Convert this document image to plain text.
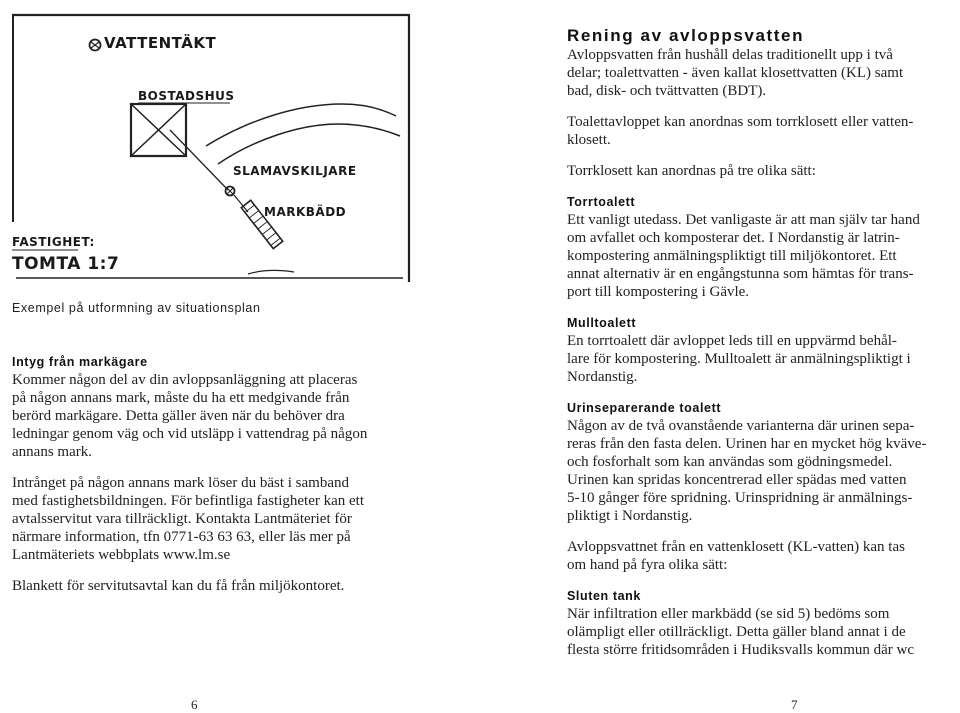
VATTENTÄKT
BOSTADSHUS
SLAMAVSKILJARE
MARKBÄDD
FASTIGHET:
TOMTA 1:7
Exempel på utformning av situationsplan
Intyg från markägare

Kommer någon del av din avloppsanläggning att placeras
på någon annans mark, måste du ha ett medgivande från
berörd markägare. Detta gäller även när du behöver dra
ledningar genom väg och vid utsläpp i vattendrag på någon
annans mark.

Intrånget på någon annans mark löser du bäst i samband
med fastighetsbildningen. För befintliga fastigheter kan ett
avtalsservitut vara tillräckligt. Kontakta Lantmäteriet för
närmare information, tfn 0771-63 63 63, eller läs mer på
Lantmäteriets webbplats www.lm.se

Blankett för servitutsavtal kan du få från miljökontoret.

6
Rening av avloppsvatten

Avloppsvatten från hushåll delas traditionellt upp i två
delar; toalettvatten - även kallat klosettvatten (KL) samt
bad, disk- och tvättvatten (BDT).

Toalettavloppet kan anordnas som torrklosett eller vatten-
klosett.

Torrklosett kan anordnas på tre olika sätt:

Torrtoalett

Ett vanligt utedass. Det vanligaste är att man själv tar hand
om avfallet och komposterar det. I Nordanstig är latrin-
kompostering anmälningspliktigt till miljökontoret. Ett
annat alternativ är en engångstunna som hämtas för trans-
port till kompostering i Gävle.

Mulltoalett

En torrtoalett där avloppet leds till en uppvärmd behål-
lare för kompostering. Mulltoalett är anmälningspliktigt i
Nordanstig.

Urinseparerande toalett

Någon av de två ovanstående varianterna där urinen sepa-
reras från den fasta delen. Urinen har en mycket hög kväve-
och fosforhalt som kan användas som gödningsmedel.
Urinen kan spridas koncentrerad eller spädas med vatten
5-10 gånger före spridning. Urinspridning är anmälnings-
pliktigt i Nordanstig.

Avloppsvattnet från en vattenklosett (KL-vatten) kan tas
om hand på fyra olika sätt:

Sluten tank

När infiltration eller markbädd (se sid 5) bedöms som
olämpligt eller otillräckligt. Detta gäller bland annat i de
flesta större fritidsområden i Hudiksvalls kommun där wc

7
